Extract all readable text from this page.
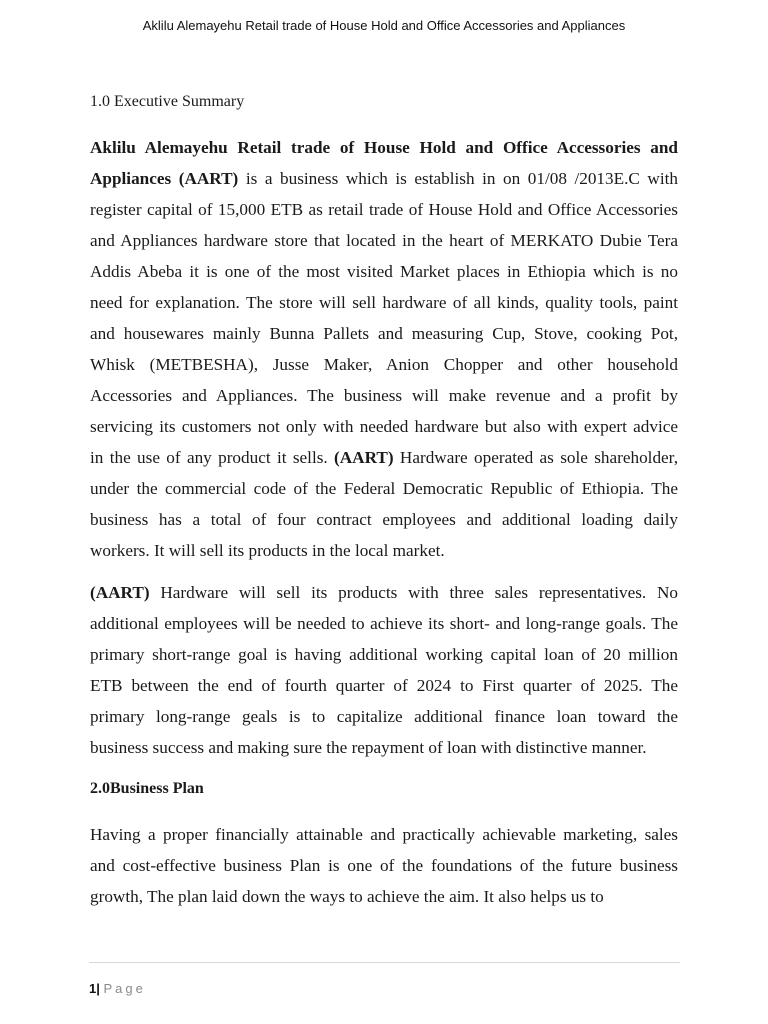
Aklilu Alemayehu Retail trade of House Hold and Office Accessories and Appliances
1.0 Executive Summary
Aklilu Alemayehu Retail trade of House Hold and Office Accessories and
Appliances (AART) is a business which is establish in on 01/08 /2013E.C with
register capital of 15,000 ETB as retail trade of House Hold and Office Accessories
and Appliances hardware store that located in the heart of MERKATO Dubie Tera
Addis Abeba it is one of the most visited Market places in Ethiopia which is no
need for explanation. The store will sell hardware of all kinds, quality tools, paint
and housewares mainly Bunna Pallets and measuring Cup, Stove, cooking Pot,
Whisk (METBESHA), Jusse Maker, Anion Chopper and other household
Accessories and Appliances. The business will make revenue and a profit by
servicing its customers not only with needed hardware but also with expert advice
in the use of any product it sells. (AART) Hardware operated as sole shareholder,
under the commercial code of the Federal Democratic Republic of Ethiopia. The
business has a total of four contract employees and additional loading daily
workers. It will sell its products in the local market.
(AART) Hardware will sell its products with three sales representatives. No
additional employees will be needed to achieve its short- and long-range goals. The
primary short-range goal is having additional working capital loan of 20 million
ETB between the end of fourth quarter of 2024 to First quarter of 2025. The
primary long-range geals is to capitalize additional finance loan toward the
business success and making sure the repayment of loan with distinctive manner.
2.0Business Plan
Having a proper financially attainable and practically achievable marketing, sales
and cost-effective business Plan is one of the foundations of the future business
growth, The plan laid down the ways to achieve the aim. It also helps us to
1| Page
